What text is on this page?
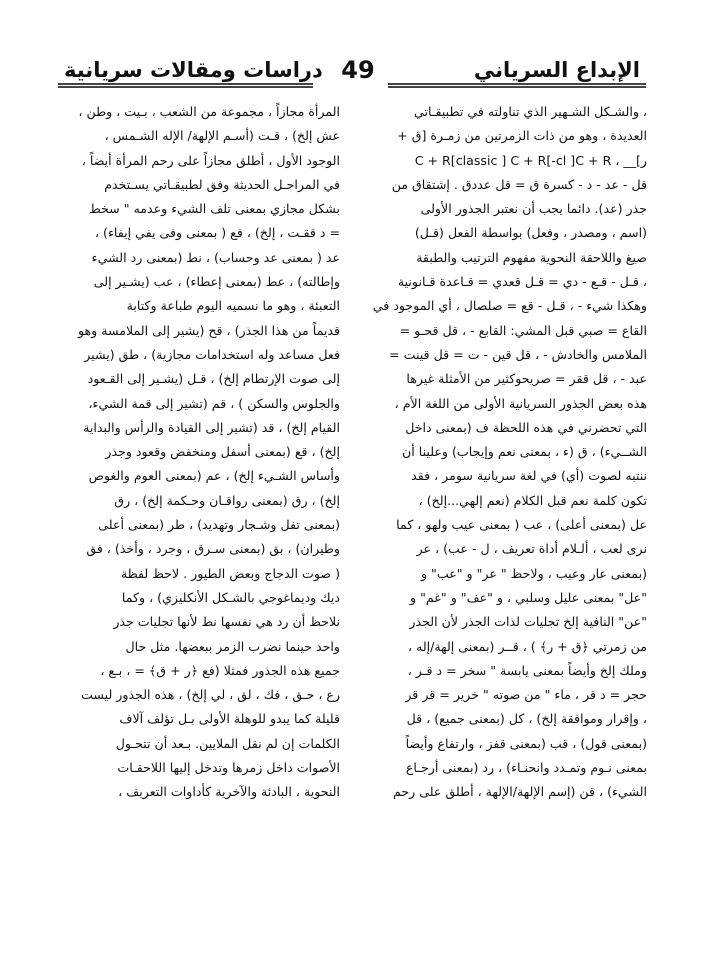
دراسات ومقالات سريانية 49	الإبداع السرياني
، والشـكل الشـهير الذي تناولته في تطبيقـاتي
العديدة ، وهو من ذات الزمرتين من زمـرة [ق +
ر]__ ، C + R[classic ] C + R[-cl ]C + R
قل - عد - د - كسرة ق = قل عددق . إشتقاق من
جذر (عد). دائما يجب أن نعتبر الجذور الأولى
(اسم ، ومصدر ، وفعل) بواسطة الفعل (قـل)
صيغ واللاحقة النحوية مفهوم الترتيب والطبقة
، قـل - قـع - دي = قـل قعدي = قـاعدة قـانونية
وهكذا شيء - ، قـل - قع = صلصال ، أي الموجود في
القاع = صبي قبل المشي: القابع - ، قل قحـو =
الملامس والخادش - ، قل قين - ت = قل قينت =
عبد - ، قل ققر = صريحوكثير من الأمثلة غيرها
هذه بعض الجذور السريانية الأولى من اللغة الأم ،
التي تحضرني في هذه اللحظة ف (بمعنى داخل
الشــيء) ، ق (ء ، بمعنى نعم وإيجاب) وعلينا أن
ننتبه لصوت (أي) في لغة سريانية سومر ، فقد
تكون كلمة نعم قبل الكلام (نعم إلهي...إلخ) ،
عل (بمعنى أعلى) ، عب ( بمعنى عيب ولهو ، كما
نرى لعب ، ألـلام أداة تعريف ، ل - عب) ، عر
(بمعنى عار وعيب ، ولاحظ " عر" و "عب" و
"عل" بمعنى عليل وسلبي ، و "عف" و "غم" و
"عن" النافية إلخ تجليات لذات الجذر لأن الجذر
من زمرتي ﴿ق + ر﴾ ) ، قــر (بمعنى إلهة/إله ،
وملك إلخ وأيضاً بمعنى يابسة " سخر = د قـر ،
حجر = د قر ، ماء " من صوته " خرير = قر قر
، وإقرار وموافقة إلخ) ، كل (بمعنى جميع) ، قل
(بمعنى قول) ، قب (بمعنى قفز ، وارتفاع وأيضاً
بمعنى نـوم وتمـدد وانحنـاء) ، رد (بمعنى أرجـاع
الشيء) ، قن (إسم الإلهة/الإلهة ، أطلق على رحم
المرأة مجازاً ، مجموعة من الشعب ، بـيت ، وطن ،
عش إلخ) ، قـت (أسـم الإلهة/ الإله الشـمس ،
الوجود الأول ، أطلق مجازاً على رحم المرأة أيضاً ،
في المراحـل الحديثة وفق لطبيقـاتي يسـتخدم
بشكل مجازي بمعنى تلف الشيء وعدمه " سخط
= د ققـت ، إلخ) ، فع ( بمعنى وفى يفي إيفاء) ،
عد ( بمعنى عد وحساب) ، نط (بمعنى رد الشيء
وإطالته) ، عط (بمعنى إعطاء) ، عب (يشـير إلى
التعبئة ، وهو ما نسميه اليوم طباعة وكتابة
قديماً من هذا الجذر) ، قح (يشير إلى الملامسة وهو
فعل مساعد وله استخدامات مجازية) ، طق (يشير
إلى صوت الإرتطام إلخ) ، قـل (يشـير إلى القـعود
والجلوس والسكن ) ، قم (تشير إلى قمة الشيء،
القيام إلخ) ، قد (تشير إلى القيادة والرأس والبداية
إلخ) ، قع (بمعنى أسفل ومنخفض وقعود وجذر
وأساس الشـيء إلخ) ، عم (بمعنى العوم والغوص
إلخ) ، رق (بمعنى رواقـان وحـكمة إلخ) ، رق
(بمعنى تفل وشـجار وتهديد) ، طر (بمعنى أعلى
وطيران) ، بق (بمعنى سـرق ، وجرد ، وأخذ) ، فق
( صوت الدجاج وبعض الطيور . لاحظ لفظة
ديك وديماغوجي بالشـكل الأنكليزي) ، وكما
نلاحظ أن رد هي نفسها نط لأنها تجليات جذر
واحد حينما نضرب الزمر ببعضها. مثل حال
جميع هذه الجذور فمثلا (فع ﴿ر + ق﴾ = ، بـع ،
رع ، حـق ، فك ، لق ، لي إلخ) ، هذه الجذور ليست
قليلة كما يبدو للوهلة الأولى بـل تؤلف آلاف
الكلمات إن لم نقل الملايين. بـعد أن تتحـول
الأصوات داخل زمرها وتدخل إليها اللاحقـات
النحوية ، البادئة والآخرية كأداوات التعريف ،
